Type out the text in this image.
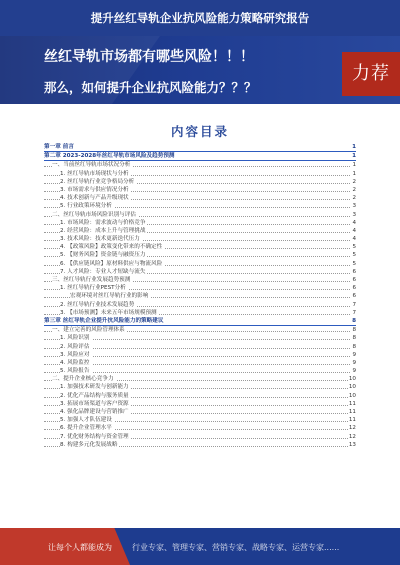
提升丝红导轨企业抗风险能力策略研究报告
丝红导轨市场都有哪些风险！！！
那么，如何提升企业抗风险能力？？？
力荐
内容目录
第一章 前言	1
第二章 2023-2028年丝红导轨市场风险及趋势预测	1
一、当前丝红导轨市场状况分析	1
1. 丝红导轨市场现状与分析	1
2. 丝红导轨行业竞争格局分析	2
3. 市场需求与供应情况分析	2
4. 技术创新与产品升级现状	2
5. 行业政策环境分析	3
二、丝红导轨市场风险识别与评估	3
1. 市场风险：需求波动与价格竞争	4
2. 经营风险：成本上升与管理挑战	4
3. 技术风险：技术更新迭代压力	4
4. 【政策风险】政策变化带来的不确定性	5
5. 【财务风险】资金链与融资压力	5
6. 【供应链风险】原材料供应与物流风险	5
7. 人才风险：专业人才短缺与流失	6
三、丝红导轨行业发展趋势预测	6
1. 丝红导轨行业PEST分析	6
宏观环境对丝红导轨行业的影响	6
2. 丝红导轨行业技术发展趋势	7
3. 【市场预测】未来五年市场规模预测	7
第三章 丝红导轨企业提升抗风险能力的策略建议	8
一、建立完善的风险管理体系	8
1. 风险识别	8
2. 风险评估	8
3. 风险应对	9
4. 风险监控	9
5. 风险报告	9
二、提升企业核心竞争力	10
1. 加强技术研发与创新能力	10
2. 优化产品结构与服务质量	10
3. 拓展市场渠道与客户资源	11
4. 强化品牌建设与营销推广	11
5. 加强人才队伍建设	11
6. 提升企业管理水平	12
7. 优化财务结构与资金管理	12
8. 构建多元化发展战略	13
让每个人都能成为	行业专家、管理专家、营销专家、战略专家、运营专家......
